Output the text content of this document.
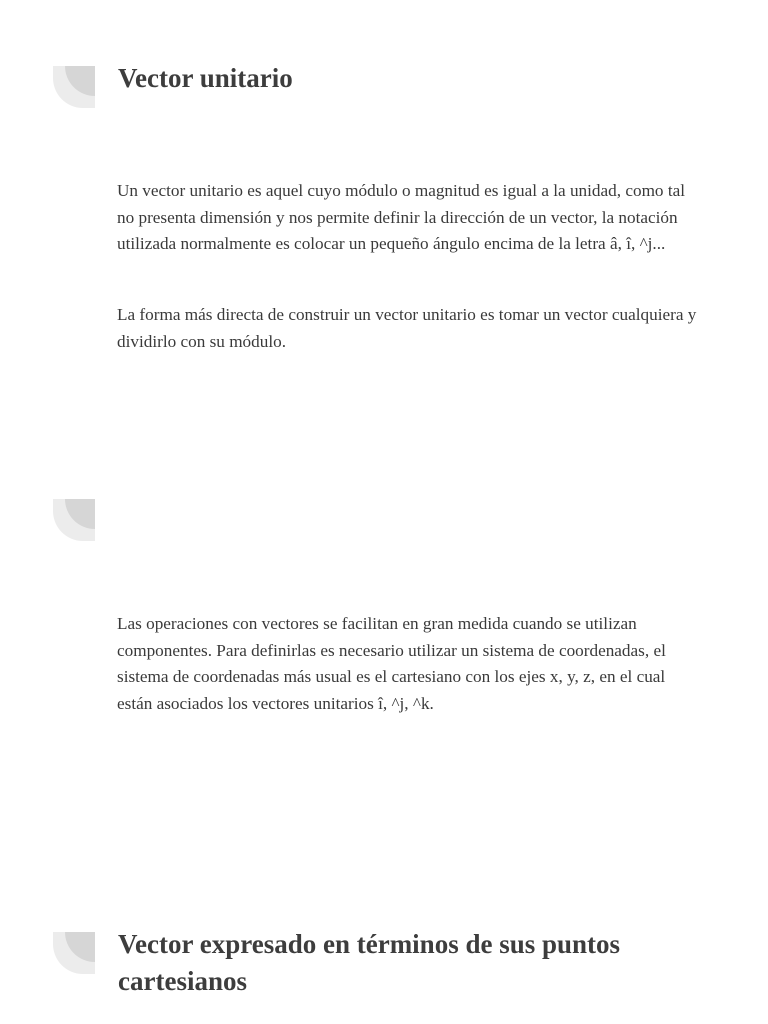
Vector unitario

Un vector unitario es aquel cuyo módulo o magnitud es igual a la unidad, como tal no presenta dimensión y nos permite definir la dirección de un vector, la notación utilizada normalmente es colocar un pequeño ángulo encima de la letra â, î, ^j...

La forma más directa de construir un vector unitario es tomar un vector cualquiera y dividirlo con su módulo.

Las operaciones con vectores se facilitan en gran medida cuando se utilizan componentes. Para definirlas es necesario utilizar un sistema de coordenadas, el sistema de coordenadas más usual es el cartesiano con los ejes x, y, z, en el cual están asociados los vectores unitarios î, ^j, ^k.

Vector expresado en términos de sus puntos cartesianos
